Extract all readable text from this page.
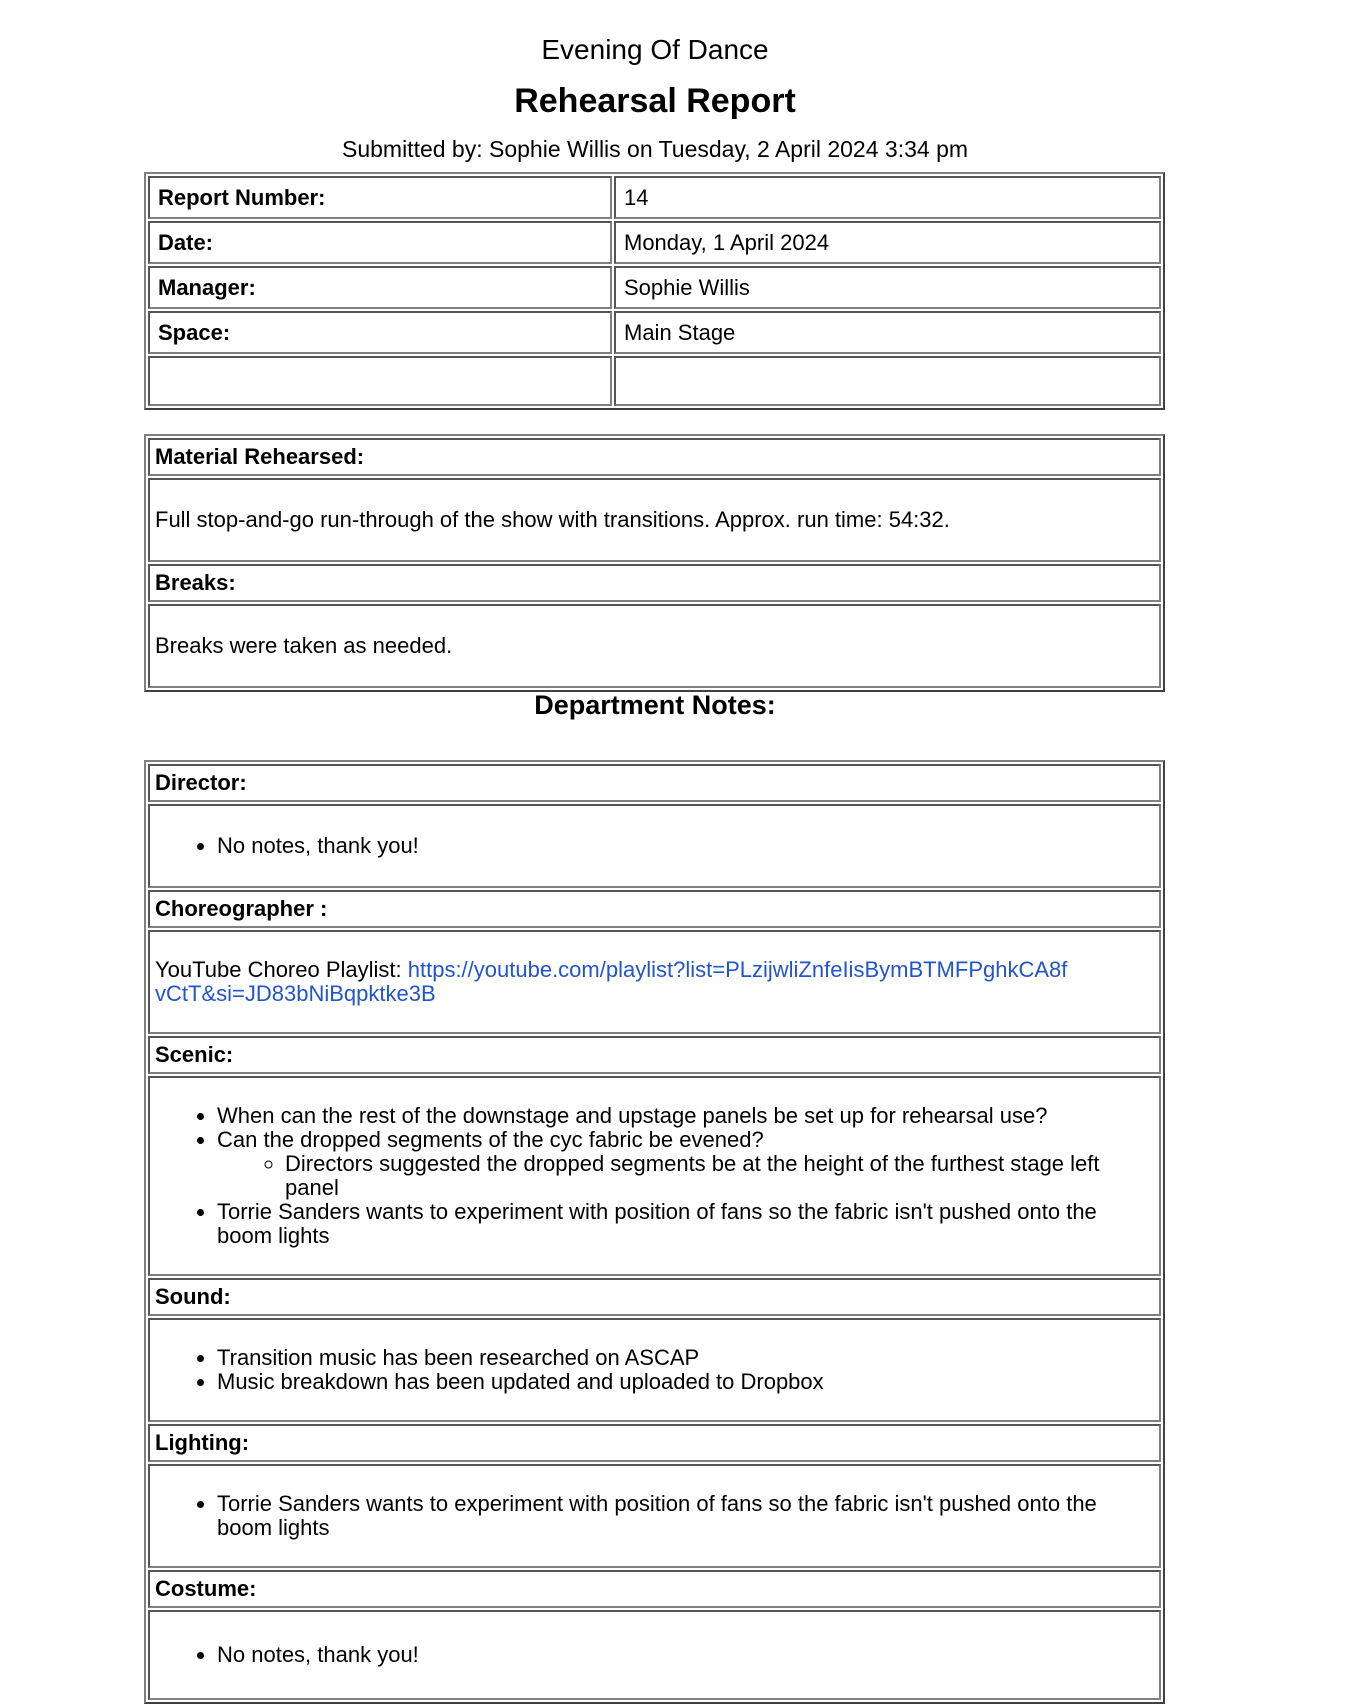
Evening Of Dance
Rehearsal Report
Submitted by: Sophie Willis on Tuesday, 2 April 2024 3:34 pm
Report Number:	14
Date:	Monday, 1 April 2024
Manager:	Sophie Willis
Space:	Main Stage

Material Rehearsed:
Full stop-and-go run-through of the show with transitions. Approx. run time: 54:32.
Breaks:
Breaks were taken as needed.
Department Notes:
Director:

• No notes, thank you!

Choreographer :

YouTube Choreo Playlist: https://youtube.com/playlist?list=PLzijwliZnfeIisBymBTMFPghkCA8f
vCtT&si=JD83bNiBqpktke3B

Scenic:

• When can the rest of the downstage and upstage panels be set up for rehearsal use?
• Can the dropped segments of the cyc fabric be evened?
◦ Directors suggested the dropped segments be at the height of the furthest stage left panel
• Torrie Sanders wants to experiment with position of fans so the fabric isn't pushed onto the boom lights

Sound:

• Transition music has been researched on ASCAP
• Music breakdown has been updated and uploaded to Dropbox

Lighting:

• Torrie Sanders wants to experiment with position of fans so the fabric isn't pushed onto the boom lights

Costume:

• No notes, thank you!
